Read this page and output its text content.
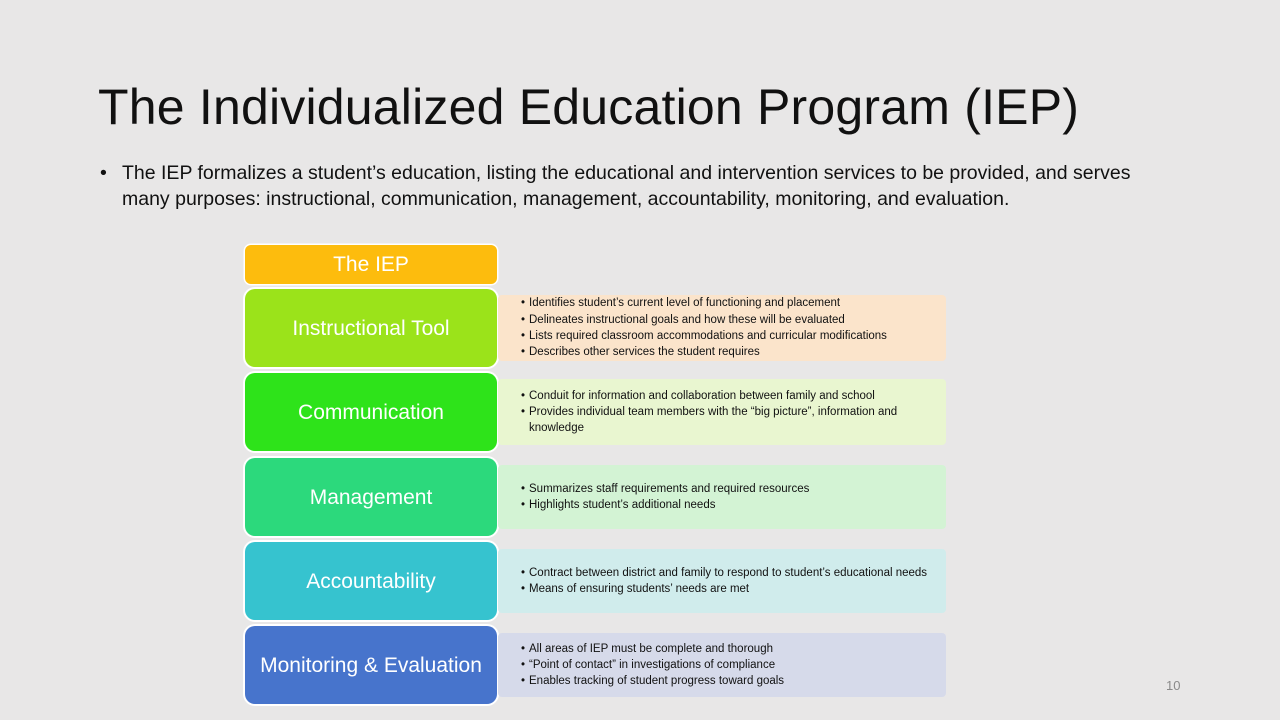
The Individualized Education Program (IEP)
• The IEP formalizes a student’s education, listing the educational and intervention services to be provided, and serves many purposes: instructional, communication, management, accountability, monitoring, and evaluation.
The IEP
Instructional Tool
• Identifies student’s current level of functioning and placement
• Delineates instructional goals and how these will be evaluated
• Lists required classroom accommodations and curricular modifications
• Describes other services the student requires
Communication
• Conduit for information and collaboration between family and school
• Provides individual team members with the “big picture”, information and knowledge
Management	• Summarizes staff requirements and required resources
• Highlights student’s additional needs
Accountability	• Contract between district and family to respond to student’s educational needs
• Means of ensuring students’ needs are met
Monitoring & Evaluation
• All areas of IEP must be complete and thorough
• “Point of contact” in investigations of compliance
• Enables tracking of student progress toward goals	10
